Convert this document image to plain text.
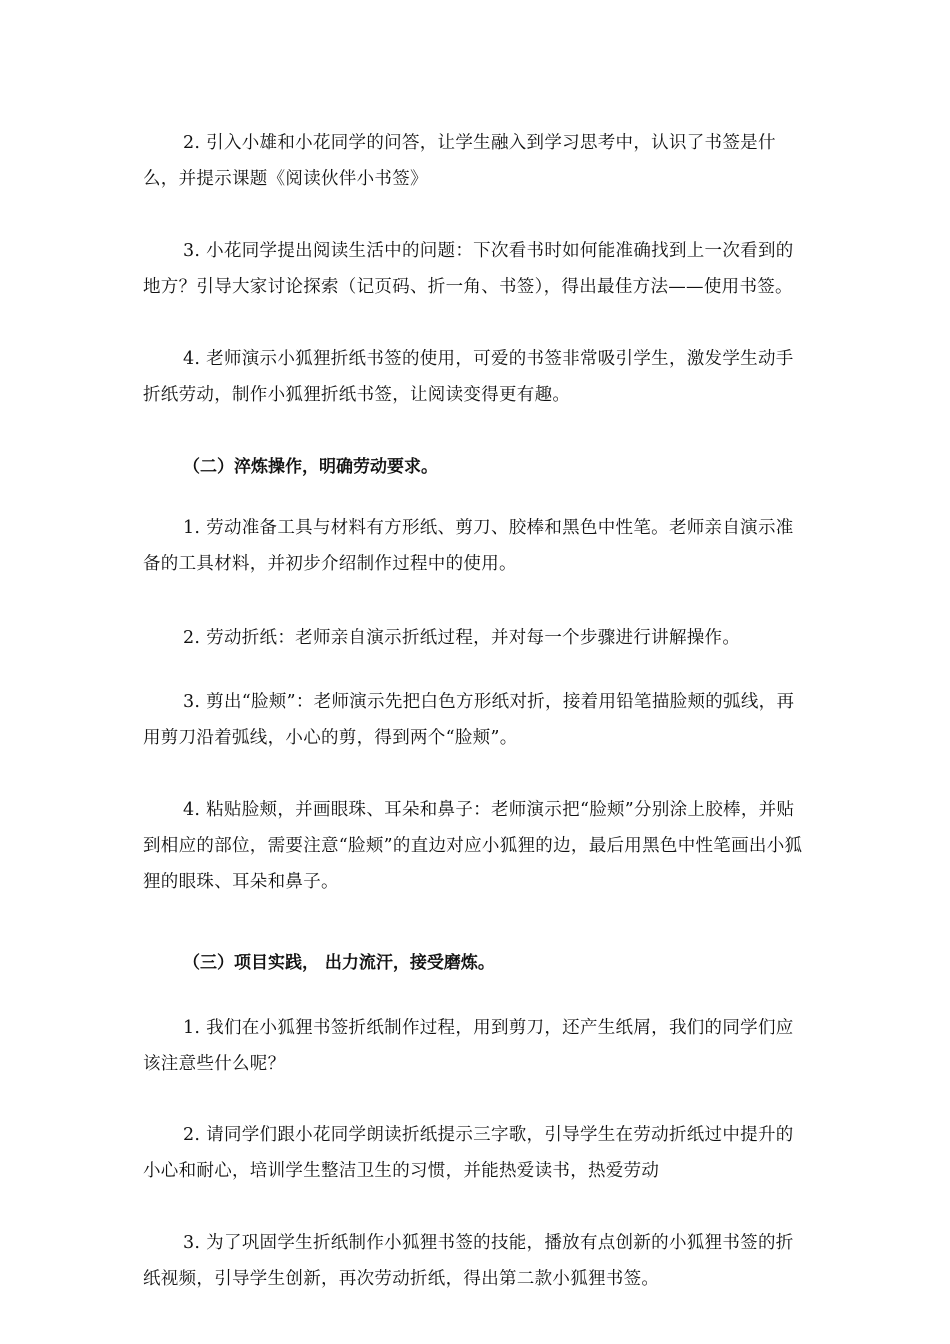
2. 引入小雄和小花同学的问答，让学生融入到学习思考中，认识了书签是什么，并提示课题《阅读伙伴小书签》

3. 小花同学提出阅读生活中的问题：下次看书时如何能准确找到上一次看到的地方？引导大家讨论探索（记页码、折一角、书签），得出最佳方法——使用书签。

4. 老师演示小狐狸折纸书签的使用，可爱的书签非常吸引学生，激发学生动手折纸劳动，制作小狐狸折纸书签，让阅读变得更有趣。

（二）淬炼操作，明确劳动要求。

1. 劳动准备工具与材料有方形纸、剪刀、胶棒和黑色中性笔。老师亲自演示准备的工具材料，并初步介绍制作过程中的使用。

2. 劳动折纸：老师亲自演示折纸过程，并对每一个步骤进行讲解操作。

3. 剪出“脸颊”：老师演示先把白色方形纸对折，接着用铅笔描脸颊的弧线，再用剪刀沿着弧线，小心的剪，得到两个“脸颊”。

4. 粘贴脸颊，并画眼珠、耳朵和鼻子：老师演示把“脸颊”分别涂上胶棒，并贴到相应的部位，需要注意“脸颊”的直边对应小狐狸的边，最后用黑色中性笔画出小狐狸的眼珠、耳朵和鼻子。

（三）项目实践， 出力流汗，接受磨炼。

1. 我们在小狐狸书签折纸制作过程，用到剪刀，还产生纸屑，我们的同学们应该注意些什么呢？

2. 请同学们跟小花同学朗读折纸提示三字歌，引导学生在劳动折纸过中提升的小心和耐心，培训学生整洁卫生的习惯，并能热爱读书，热爱劳动

3. 为了巩固学生折纸制作小狐狸书签的技能，播放有点创新的小狐狸书签的折纸视频，引导学生创新，再次劳动折纸，得出第二款小狐狸书签。
